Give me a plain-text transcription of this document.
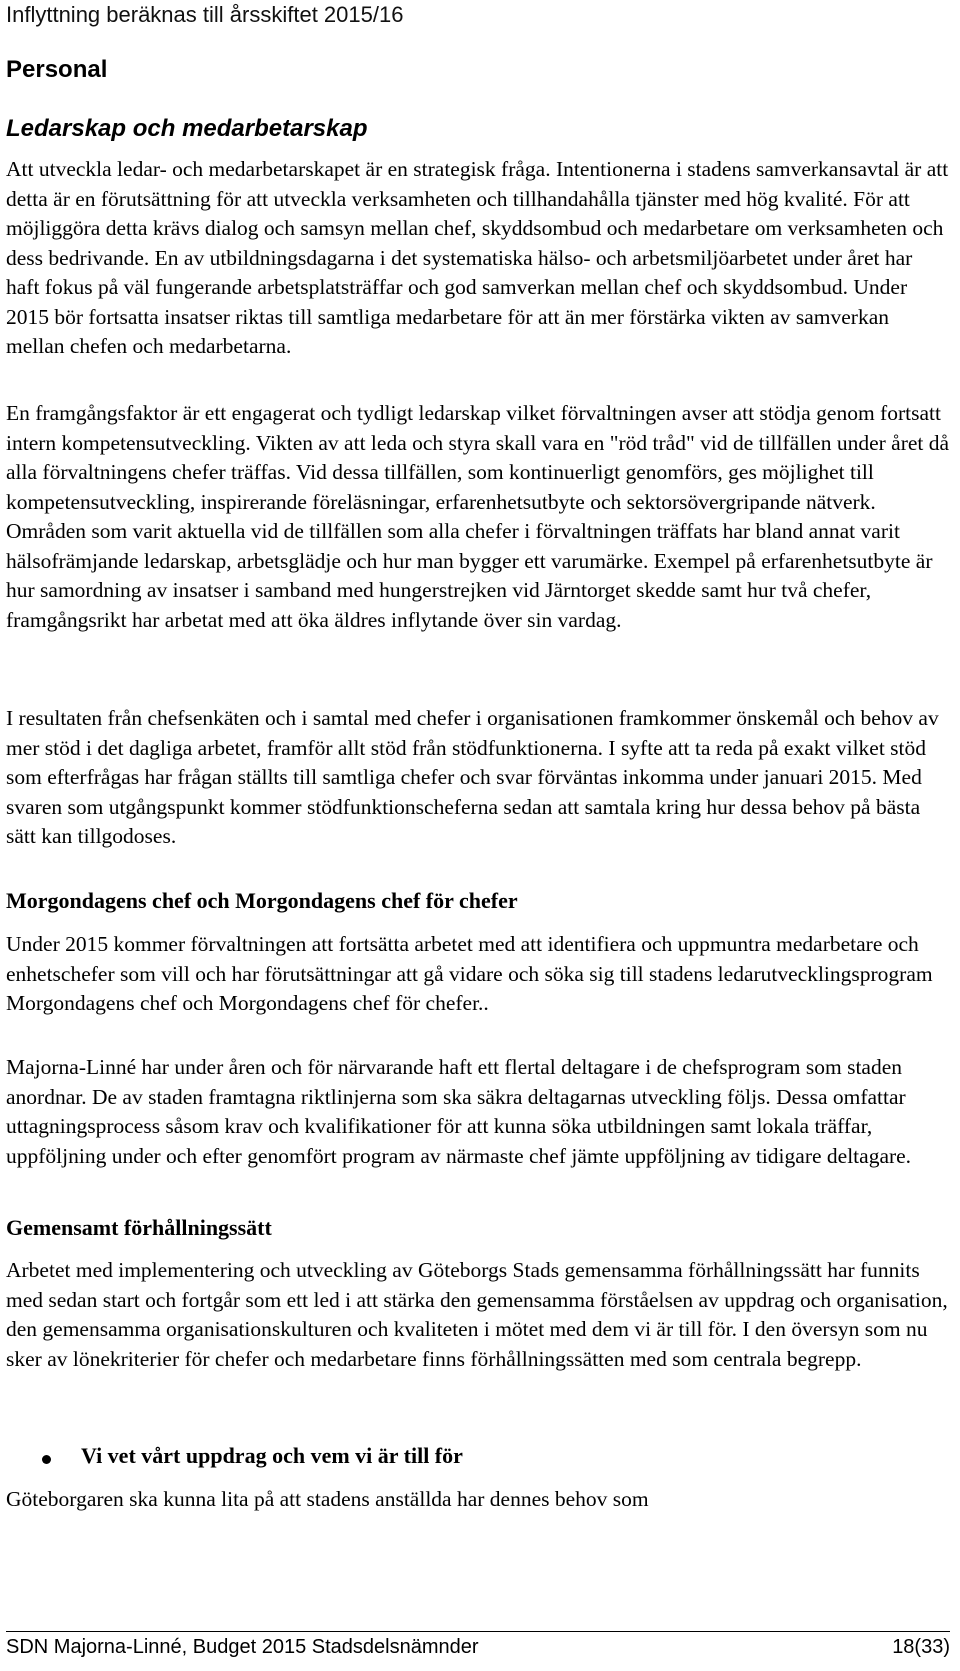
Inflyttning beräknas till årsskiftet 2015/16
Personal
Ledarskap och medarbetarskap

Att utveckla ledar- och medarbetarskapet är en strategisk fråga. Intentionerna i stadens samverkansavtal är att detta är en förutsättning för att utveckla verksamheten och tillhandahålla tjänster med hög kvalité. För att möjliggöra detta krävs dialog och samsyn mellan chef, skyddsombud och medarbetare om verksamheten och dess bedrivande. En av utbildningsdagarna i det systematiska hälso- och arbetsmiljöarbetet under året har haft fokus på väl fungerande arbetsplatsträffar och god samverkan mellan chef och skyddsombud. Under 2015 bör fortsatta insatser riktas till samtliga medarbetare för att än mer förstärka vikten av samverkan mellan chefen och medarbetarna.

En framgångsfaktor är ett engagerat och tydligt ledarskap vilket förvaltningen avser att stödja genom fortsatt intern kompetensutveckling. Vikten av att leda och styra skall vara en "röd tråd" vid de tillfällen under året då alla förvaltningens chefer träffas. Vid dessa tillfällen, som kontinuerligt genomförs, ges möjlighet till kompetensutveckling, inspirerande föreläsningar, erfarenhetsutbyte och sektorsövergripande nätverk. Områden som varit aktuella vid de tillfällen som alla chefer i förvaltningen träffats har bland annat varit hälsofrämjande ledarskap, arbetsglädje och hur man bygger ett varumärke. Exempel på erfarenhetsutbyte är hur samordning av insatser i samband med hungerstrejken vid Järntorget skedde samt hur två chefer, framgångsrikt har arbetat med att öka äldres inflytande över sin vardag.

I resultaten från chefsenkäten och i samtal med chefer i organisationen framkommer önskemål och behov av mer stöd i det dagliga arbetet, framför allt stöd från stödfunktionerna. I syfte att ta reda på exakt vilket stöd som efterfrågas har frågan ställts till samtliga chefer och svar förväntas inkomma under januari 2015. Med svaren som utgångspunkt kommer stödfunktionscheferna sedan att samtala kring hur dessa behov på bästa sätt kan tillgodoses.

Morgondagens chef och Morgondagens chef för chefer

Under 2015 kommer förvaltningen att fortsätta arbetet med att identifiera och uppmuntra medarbetare och enhetschefer som vill och har förutsättningar att gå vidare och söka sig till stadens ledarutvecklingsprogram Morgondagens chef och Morgondagens chef för chefer..

Majorna-Linné har under åren och för närvarande haft ett flertal deltagare i de chefsprogram som staden anordnar. De av staden framtagna riktlinjerna som ska säkra deltagarnas utveckling följs. Dessa omfattar uttagningsprocess såsom krav och kvalifikationer för att kunna söka utbildningen samt lokala träffar, uppföljning under och efter genomfört program av närmaste chef jämte uppföljning av tidigare deltagare.

Gemensamt förhållningssätt

Arbetet med implementering och utveckling av Göteborgs Stads gemensamma förhållningssätt har funnits med sedan start och fortgår som ett led i att stärka den gemensamma förståelsen av uppdrag och organisation, den gemensamma organisationskulturen och kvaliteten i mötet med dem vi är till för. I den översyn som nu sker av lönekriterier för chefer och medarbetare finns förhållningssätten med som centrala begrepp.

Vi vet vårt uppdrag och vem vi är till för

Göteborgaren ska kunna lita på att stadens anställda har dennes behov som

SDN Majorna-Linné, Budget 2015 Stadsdelsnämnder	18(33)
